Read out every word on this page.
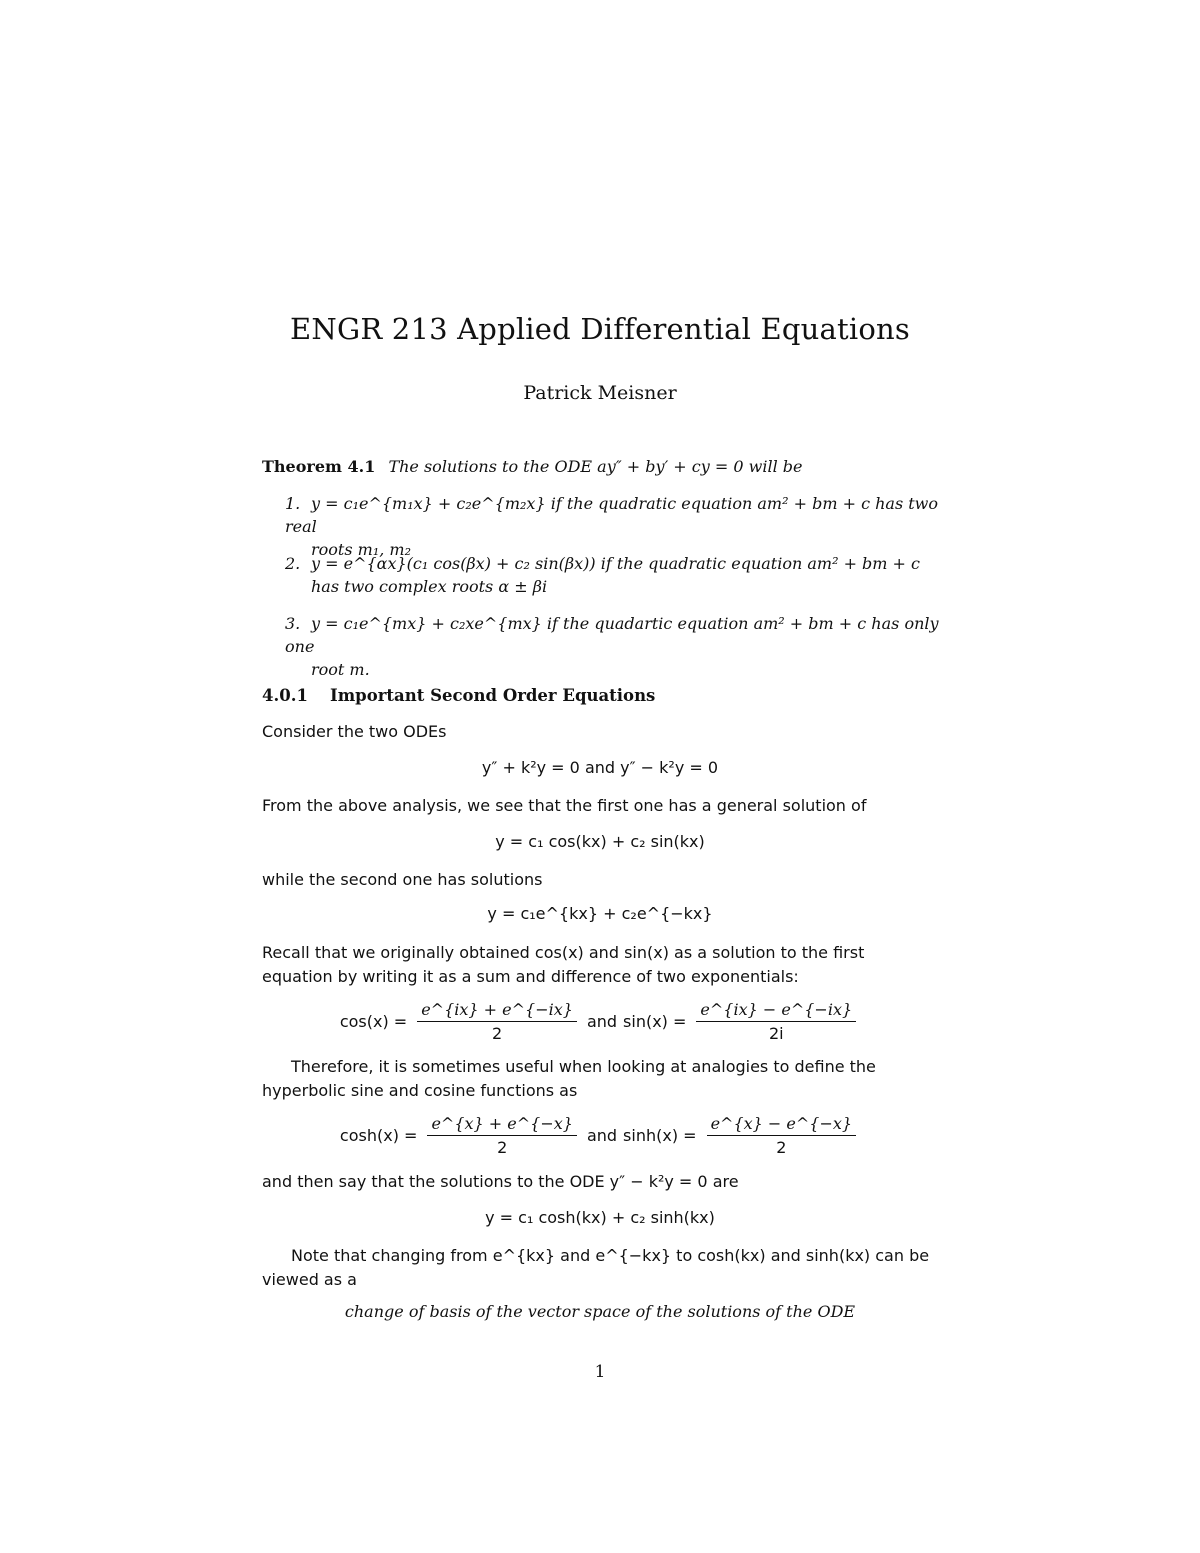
ENGR 213 Applied Differential Equations
Patrick Meisner
Theorem 4.1 The solutions to the ODE ay″ + by′ + cy = 0 will be
1. y = c₁e^{m₁x} + c₂e^{m₂x} if the quadratic equation am² + bm + c has two real
roots m₁, m₂
2. y = e^{αx}(c₁ cos(βx) + c₂ sin(βx)) if the quadratic equation am² + bm + c
has two complex roots α ± βi
3. y = c₁e^{mx} + c₂xe^{mx} if the quadartic equation am² + bm + c has only one
root m.
4.0.1 Important Second Order Equations
Consider the two ODEs
y″ + k²y = 0 and y″ − k²y = 0
From the above analysis, we see that the first one has a general solution of
y = c₁ cos(kx) + c₂ sin(kx)
while the second one has solutions
y = c₁e^{kx} + c₂e^{−kx}
Recall that we originally obtained cos(x) and sin(x) as a solution to the first
equation by writing it as a sum and difference of two exponentials:
$\cos(x) = \frac{e\^{}\{ix\} + e\^{}\{-ix\}}{2}$ and $\sin(x) = \frac{e\^{}\{ix\} - e\^{}\{-ix\}}{2i}$
Therefore, it is sometimes useful when looking at analogies to define the
hyperbolic sine and cosine functions as
$\cosh(x) = \frac{e\^{}\{x\} + e\^{}\{-x\}}{2}$ and $\sinh(x) = \frac{e\^{}\{x\} - e\^{}\{-x\}}{2}$
and then say that the solutions to the ODE y″ − k²y = 0 are
y = c₁ cosh(kx) + c₂ sinh(kx)
Note that changing from e^{kx} and e^{−kx} to cosh(kx) and sinh(kx) can be
viewed as a
change of basis of the vector space of the solutions of the ODE
1
